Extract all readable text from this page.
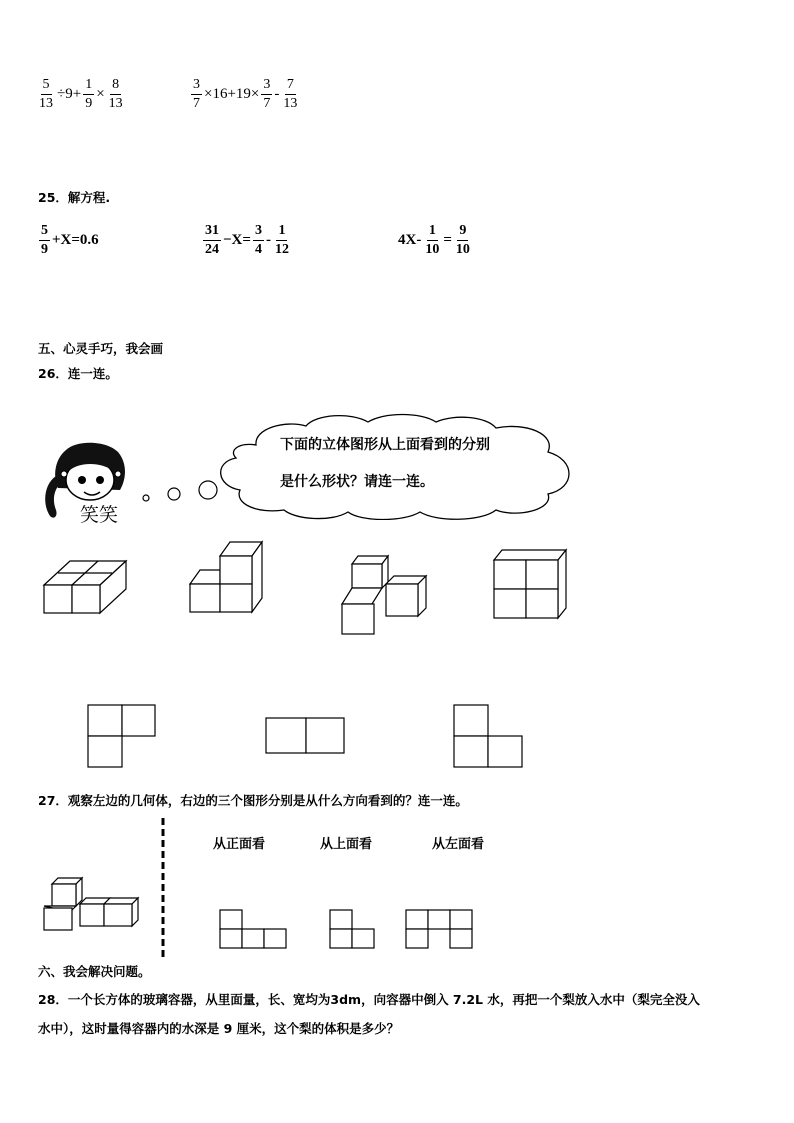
$\frac{5}{13} \div 9+ \frac{1}{9} \times \frac{8}{13}$	$\frac{3}{7} \times 16+19\times \frac{3}{7} - \frac{7}{13}$
25．解方程.
$\frac{5}{9} +X=0.6$	$\frac{31}{24} -X= \frac{3}{4} - \frac{1}{12}$	$4X- \frac{1}{10} = \frac{9}{10}$
五、心灵手巧，我会画
26．连一连。
笑笑
下面的立体图形从上面看到的分别
是什么形状？请连一连。
27．观察左边的几何体，右边的三个图形分别是从什么方向看到的？连一连。
从正面看	从上面看	从左面看
六、我会解决问题。
28．一个长方体的玻璃容器，从里面量，长、宽均为3dm，向容器中倒入 7.2L 水，再把一个梨放入水中（梨完全没入
水中），这时量得容器内的水深是 9 厘米，这个梨的体积是多少？
